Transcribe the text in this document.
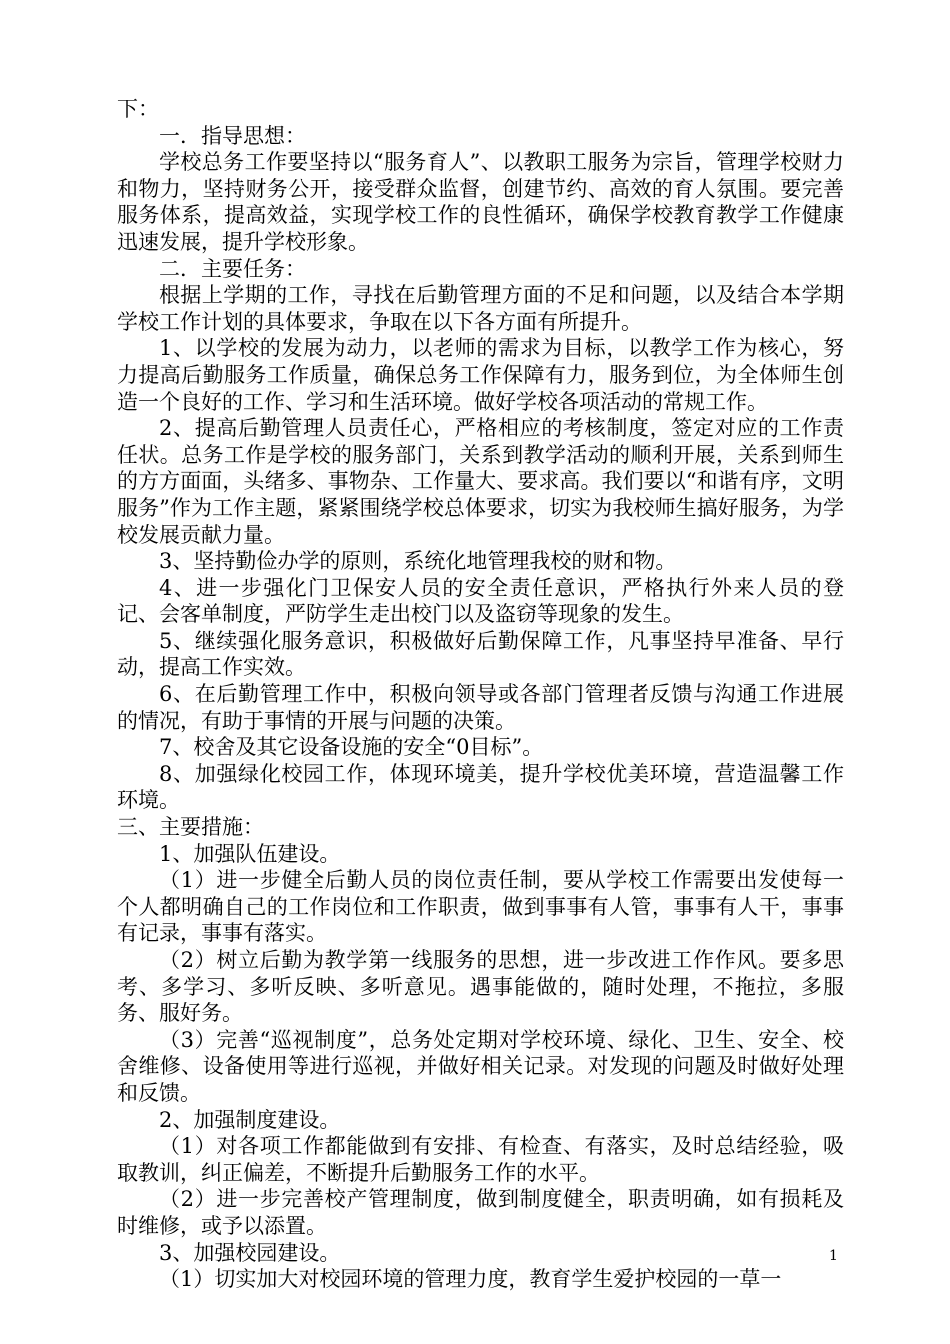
下：

一．指导思想：

学校总务工作要坚持以“服务育人”、以教职工服务为宗旨，管理学校财力和物力，坚持财务公开，接受群众监督，创建节约、高效的育人氛围。要完善服务体系，提高效益，实现学校工作的良性循环，确保学校教育教学工作健康迅速发展，提升学校形象。

二．主要任务：

根据上学期的工作，寻找在后勤管理方面的不足和问题，以及结合本学期学校工作计划的具体要求，争取在以下各方面有所提升。

1、以学校的发展为动力，以老师的需求为目标，以教学工作为核心，努力提高后勤服务工作质量，确保总务工作保障有力，服务到位，为全体师生创造一个良好的工作、学习和生活环境。做好学校各项活动的常规工作。

2、提高后勤管理人员责任心，严格相应的考核制度，签定对应的工作责任状。总务工作是学校的服务部门，关系到教学活动的顺利开展，关系到师生的方方面面，头绪多、事物杂、工作量大、要求高。我们要以“和谐有序，文明服务”作为工作主题，紧紧围绕学校总体要求，切实为我校师生搞好服务，为学校发展贡献力量。

3、坚持勤俭办学的原则，系统化地管理我校的财和物。

4、进一步强化门卫保安人员的安全责任意识，严格执行外来人员的登记、会客单制度，严防学生走出校门以及盗窃等现象的发生。

5、继续强化服务意识，积极做好后勤保障工作，凡事坚持早准备、早行动，提高工作实效。

6、在后勤管理工作中，积极向领导或各部门管理者反馈与沟通工作进展的情况，有助于事情的开展与问题的决策。

7、校舍及其它设备设施的安全“0目标”。

8、加强绿化校园工作，体现环境美，提升学校优美环境，营造温馨工作环境。

三、主要措施：

1、加强队伍建设。

（1）进一步健全后勤人员的岗位责任制，要从学校工作需要出发使每一个人都明确自己的工作岗位和工作职责，做到事事有人管，事事有人干，事事有记录，事事有落实。

（2）树立后勤为教学第一线服务的思想，进一步改进工作作风。要多思考、多学习、多听反映、多听意见。遇事能做的，随时处理，不拖拉，多服务、服好务。

（3）完善“巡视制度”，总务处定期对学校环境、绿化、卫生、安全、校舍维修、设备使用等进行巡视，并做好相关记录。对发现的问题及时做好处理和反馈。

2、加强制度建设。

（1）对各项工作都能做到有安排、有检查、有落实，及时总结经验，吸取教训，纠正偏差，不断提升后勤服务工作的水平。

（2）进一步完善校产管理制度，做到制度健全，职责明确，如有损耗及时维修，或予以添置。

3、加强校园建设。

（1）切实加大对校园环境的管理力度，教育学生爱护校园的一草一

1
